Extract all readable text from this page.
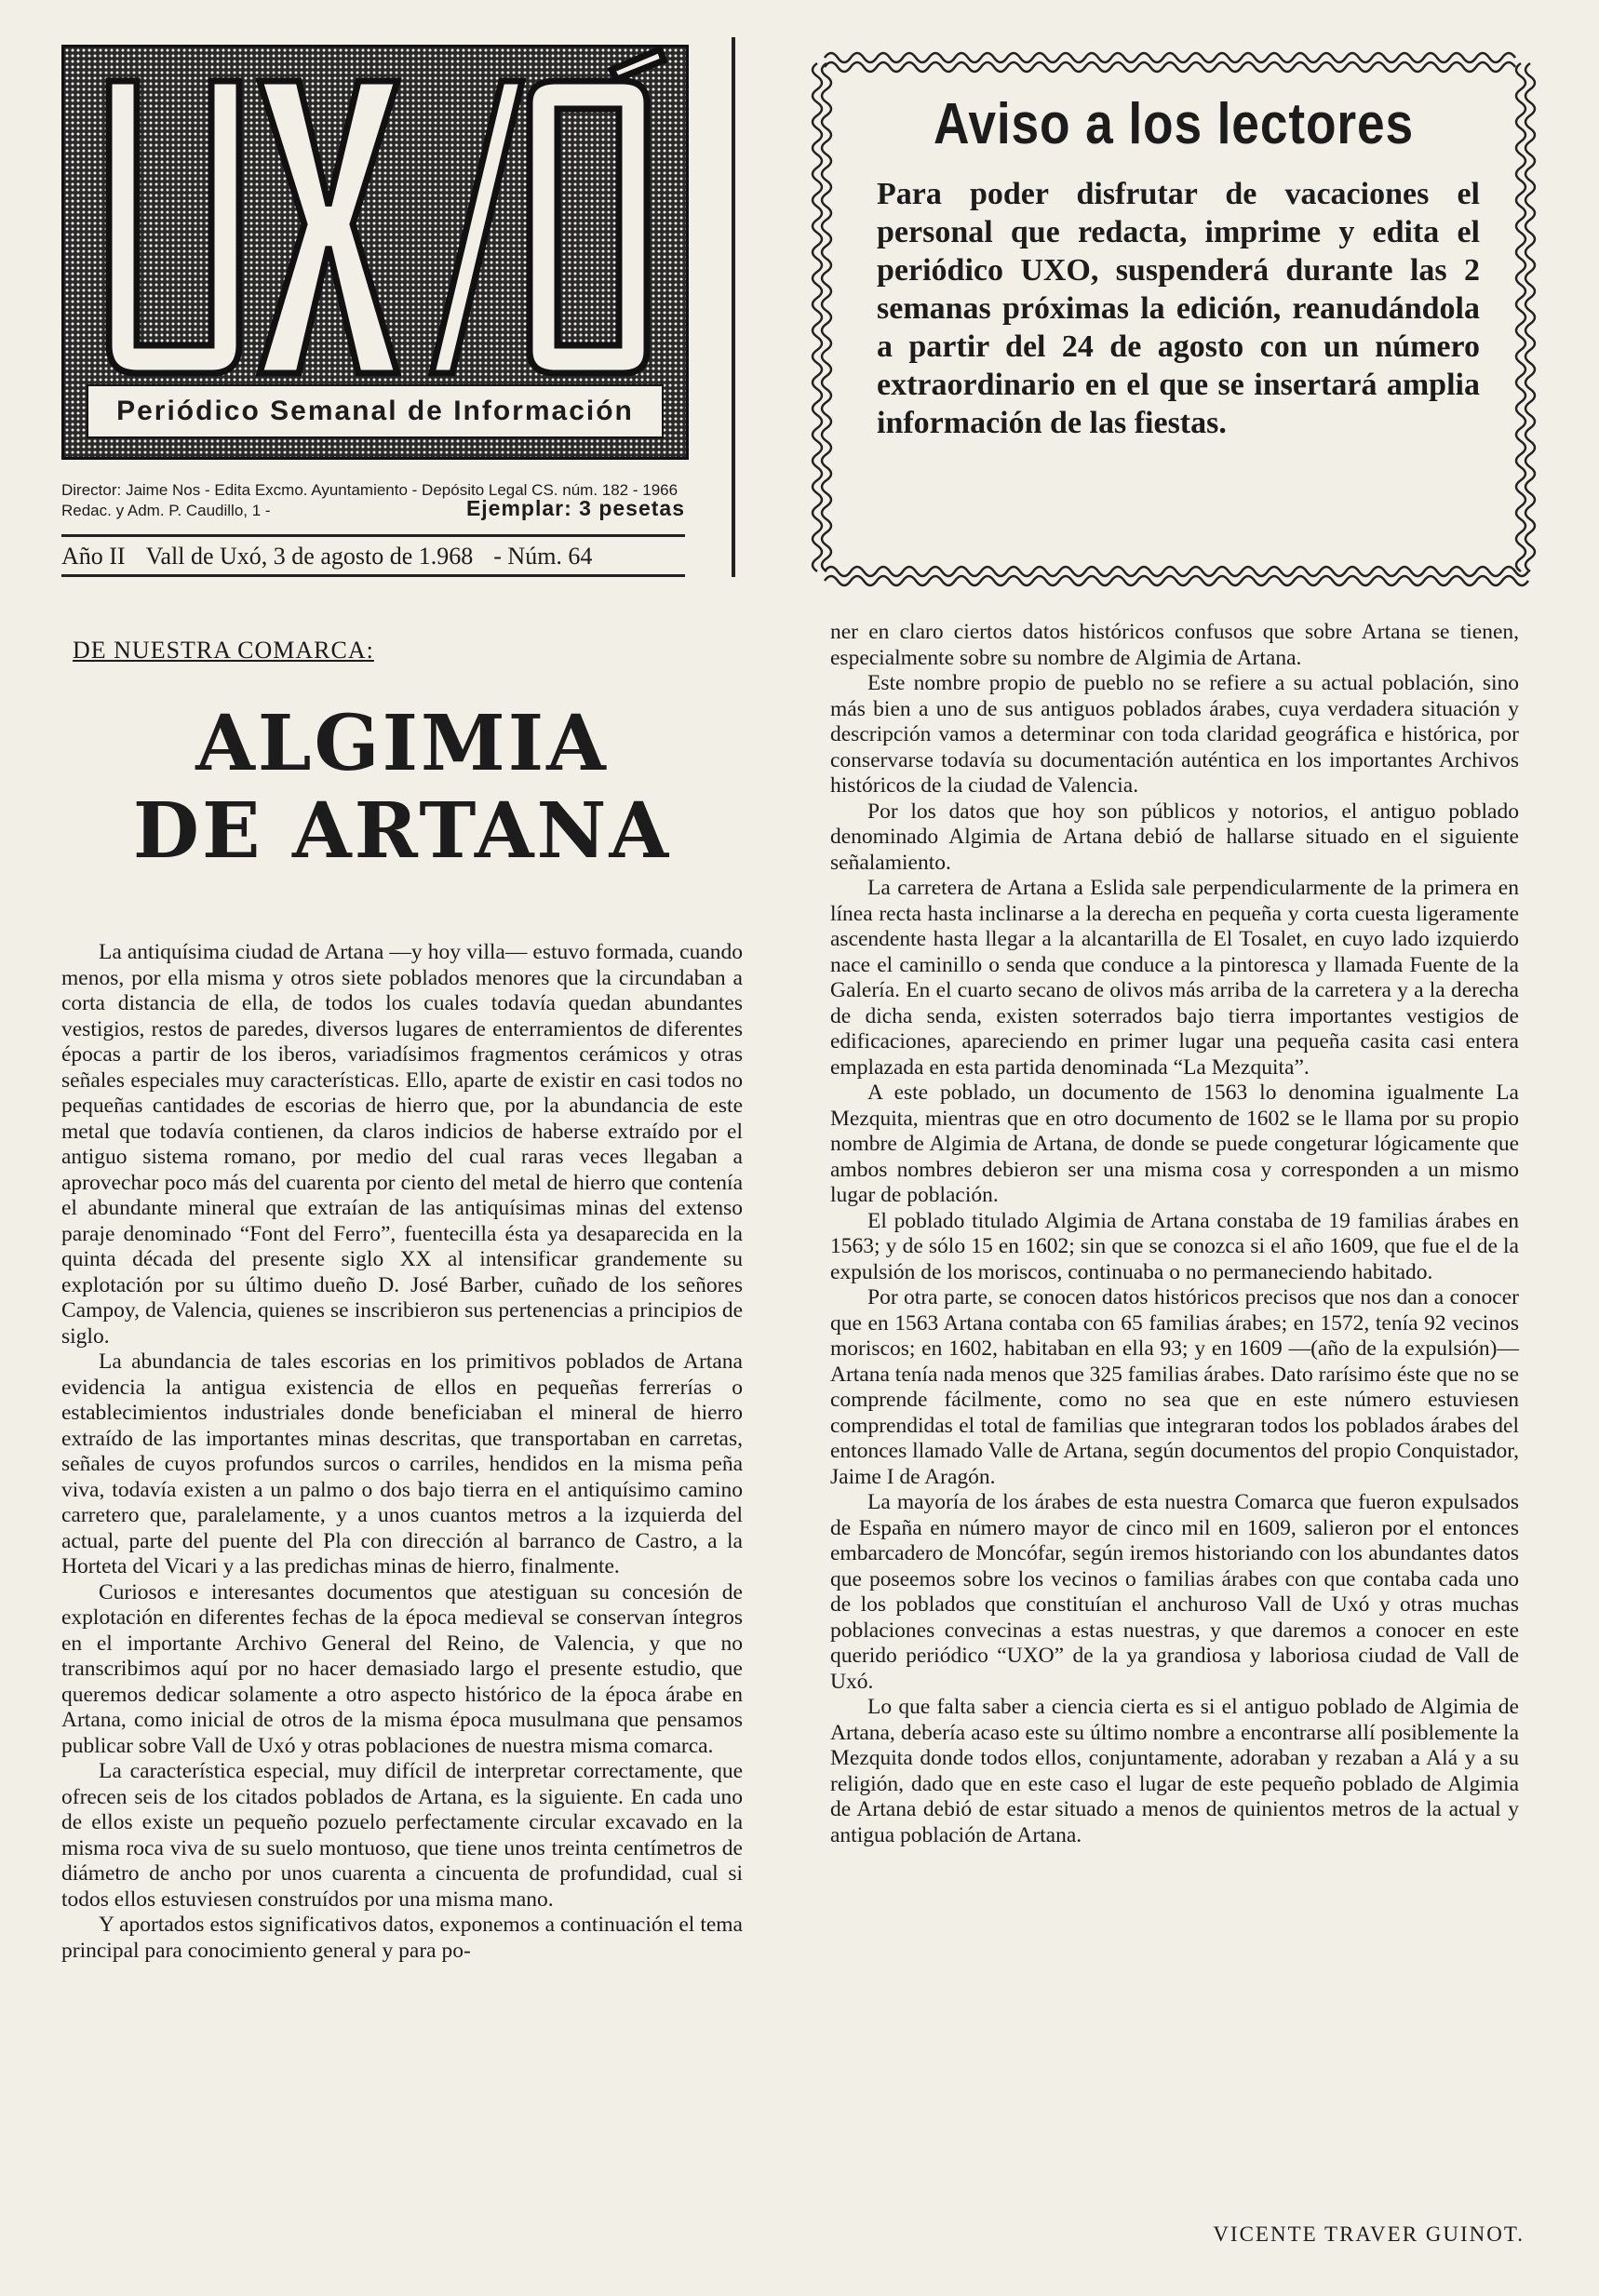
Periódico Semanal de Información
Director: Jaime Nos - Edita Excmo. Ayuntamiento - Depósito Legal CS. núm. 182 - 1966
Redac. y Adm. P. Caudillo, 1 -	Ejemplar: 3 pesetas
Año II Vall de Uxó, 3 de agosto de 1.968 - Núm. 64
Aviso a los lectores
Para poder disfrutar de vacaciones el personal que redacta, imprime y edita el periódico UXO, suspenderá durante las 2 semanas próximas la edición, reanudándola a partir del 24 de agosto con un número extraordinario en el que se insertará amplia información de las fiestas.
DE NUESTRA COMARCA:
ALGIMIA
DE ARTANA

La antiquísima ciudad de Artana —y hoy villa— estuvo formada, cuando menos, por ella misma y otros siete poblados menores que la circundaban a corta distancia de ella, de todos los cuales todavía quedan abundantes vestigios, restos de paredes, diversos lugares de enterramientos de diferentes épocas a partir de los iberos, variadísimos fragmentos cerámicos y otras señales especiales muy características. Ello, aparte de existir en casi todos no pequeñas cantidades de escorias de hierro que, por la abundancia de este metal que todavía contienen, da claros indicios de haberse extraído por el antiguo sistema romano, por medio del cual raras veces llegaban a aprovechar poco más del cuarenta por ciento del metal de hierro que contenía el abundante mineral que extraían de las antiquísimas minas del extenso paraje denominado “Font del Ferro”, fuentecilla ésta ya desaparecida en la quinta década del presente siglo XX al intensificar grandemente su explotación por su último dueño D. José Barber, cuñado de los señores Campoy, de Valencia, quienes se inscribieron sus pertenencias a principios de siglo.

La abundancia de tales escorias en los primitivos poblados de Artana evidencia la antigua existencia de ellos en pequeñas ferrerías o establecimientos industriales donde beneficiaban el mineral de hierro extraído de las importantes minas descritas, que transportaban en carretas, señales de cuyos profundos surcos o carriles, hendidos en la misma peña viva, todavía existen a un palmo o dos bajo tierra en el antiquísimo camino carretero que, paralelamente, y a unos cuantos metros a la izquierda del actual, parte del puente del Pla con dirección al barranco de Castro, a la Horteta del Vicari y a las predichas minas de hierro, finalmente.

Curiosos e interesantes documentos que atestiguan su concesión de explotación en diferentes fechas de la época medieval se conservan íntegros en el importante Archivo General del Reino, de Valencia, y que no transcribimos aquí por no hacer demasiado largo el presente estudio, que queremos dedicar solamente a otro aspecto histórico de la época árabe en Artana, como inicial de otros de la misma época musulmana que pensamos publicar sobre Vall de Uxó y otras poblaciones de nuestra misma comarca.

La característica especial, muy difícil de interpretar correctamente, que ofrecen seis de los citados poblados de Artana, es la siguiente. En cada uno de ellos existe un pequeño pozuelo perfectamente circular excavado en la misma roca viva de su suelo montuoso, que tiene unos treinta centímetros de diámetro de ancho por unos cuarenta a cincuenta de profundidad, cual si todos ellos estuviesen construídos por una misma mano.

Y aportados estos significativos datos, exponemos a continuación el tema principal para conocimiento general y para po-

ner en claro ciertos datos históricos confusos que sobre Artana se tienen, especialmente sobre su nombre de Algimia de Artana.

Este nombre propio de pueblo no se refiere a su actual población, sino más bien a uno de sus antiguos poblados árabes, cuya verdadera situación y descripción vamos a determinar con toda claridad geográfica e histórica, por conservarse todavía su documentación auténtica en los importantes Archivos históricos de la ciudad de Valencia.

Por los datos que hoy son públicos y notorios, el antiguo poblado denominado Algimia de Artana debió de hallarse situado en el siguiente señalamiento.

La carretera de Artana a Eslida sale perpendicularmente de la primera en línea recta hasta inclinarse a la derecha en pequeña y corta cuesta ligeramente ascendente hasta llegar a la alcantarilla de El Tosalet, en cuyo lado izquierdo nace el caminillo o senda que conduce a la pintoresca y llamada Fuente de la Galería. En el cuarto secano de olivos más arriba de la carretera y a la derecha de dicha senda, existen soterrados bajo tierra importantes vestigios de edificaciones, apareciendo en primer lugar una pequeña casita casi entera emplazada en esta partida denominada “La Mezquita”.

A este poblado, un documento de 1563 lo denomina igualmente La Mezquita, mientras que en otro documento de 1602 se le llama por su propio nombre de Algimia de Artana, de donde se puede congeturar lógicamente que ambos nombres debieron ser una misma cosa y corresponden a un mismo lugar de población.

El poblado titulado Algimia de Artana constaba de 19 familias árabes en 1563; y de sólo 15 en 1602; sin que se conozca si el año 1609, que fue el de la expulsión de los moriscos, continuaba o no permaneciendo habitado.

Por otra parte, se conocen datos históricos precisos que nos dan a conocer que en 1563 Artana contaba con 65 familias árabes; en 1572, tenía 92 vecinos moriscos; en 1602, habitaban en ella 93; y en 1609 —(año de la expulsión)— Artana tenía nada menos que 325 familias árabes. Dato rarísimo éste que no se comprende fácilmente, como no sea que en este número estuviesen comprendidas el total de familias que integraran todos los poblados árabes del entonces llamado Valle de Artana, según documentos del propio Conquistador, Jaime I de Aragón.

La mayoría de los árabes de esta nuestra Comarca que fueron expulsados de España en número mayor de cinco mil en 1609, salieron por el entonces embarcadero de Moncófar, según iremos historiando con los abundantes datos que poseemos sobre los vecinos o familias árabes con que contaba cada uno de los poblados que constituían el anchuroso Vall de Uxó y otras muchas poblaciones convecinas a estas nuestras, y que daremos a conocer en este querido periódico “UXO” de la ya grandiosa y laboriosa ciudad de Vall de Uxó.

Lo que falta saber a ciencia cierta es si el antiguo poblado de Algimia de Artana, debería acaso este su último nombre a encontrarse allí posiblemente la Mezquita donde todos ellos, conjuntamente, adoraban y rezaban a Alá y a su religión, dado que en este caso el lugar de este pequeño poblado de Algimia de Artana debió de estar situado a menos de quinientos metros de la actual y antigua población de Artana.

VICENTE TRAVER GUINOT.
